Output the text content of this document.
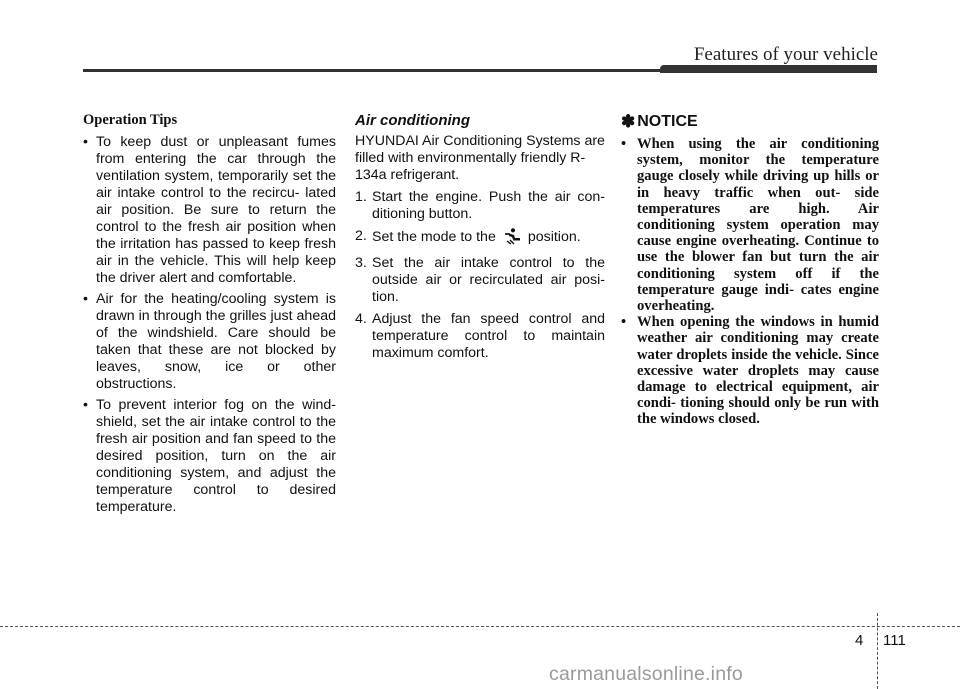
Features of your vehicle
Operation Tips
• To keep dust or unpleasant fumes from entering the car through the ventilation system, temporarily set the air intake control to the recircu- lated air position. Be sure to return the control to the fresh air position when the irritation has passed to keep fresh air in the vehicle. This will help keep the driver alert and comfortable.
• Air for the heating/cooling system is drawn in through the grilles just ahead of the windshield. Care should be taken that these are not blocked by leaves, snow, ice or other obstructions.
• To prevent interior fog on the wind- shield, set the air intake control to the fresh air position and fan speed to the desired position, turn on the air conditioning system, and adjust the temperature control to desired temperature.
Air conditioning

HYUNDAI Air Conditioning Systems are filled with environmentally friendly R-134a refrigerant.

1. Start the engine. Push the air con- ditioning button.
2. Set the mode to the position.
3. Set the air intake control to the outside air or recirculated air posi- tion.
4. Adjust the fan speed control and temperature control to maintain maximum comfort.
✽ NOTICE
• When using the air conditioning system, monitor the temperature gauge closely while driving up hills or in heavy traffic when out- side temperatures are high. Air conditioning system operation may cause engine overheating. Continue to use the blower fan but turn the air conditioning system off if the temperature gauge indi- cates engine overheating.
• When opening the windows in humid weather air conditioning may create water droplets inside the vehicle. Since excessive water droplets may cause damage to electrical equipment, air condi- tioning should only be run with the windows closed.
4 111
carmanualsonline.info
